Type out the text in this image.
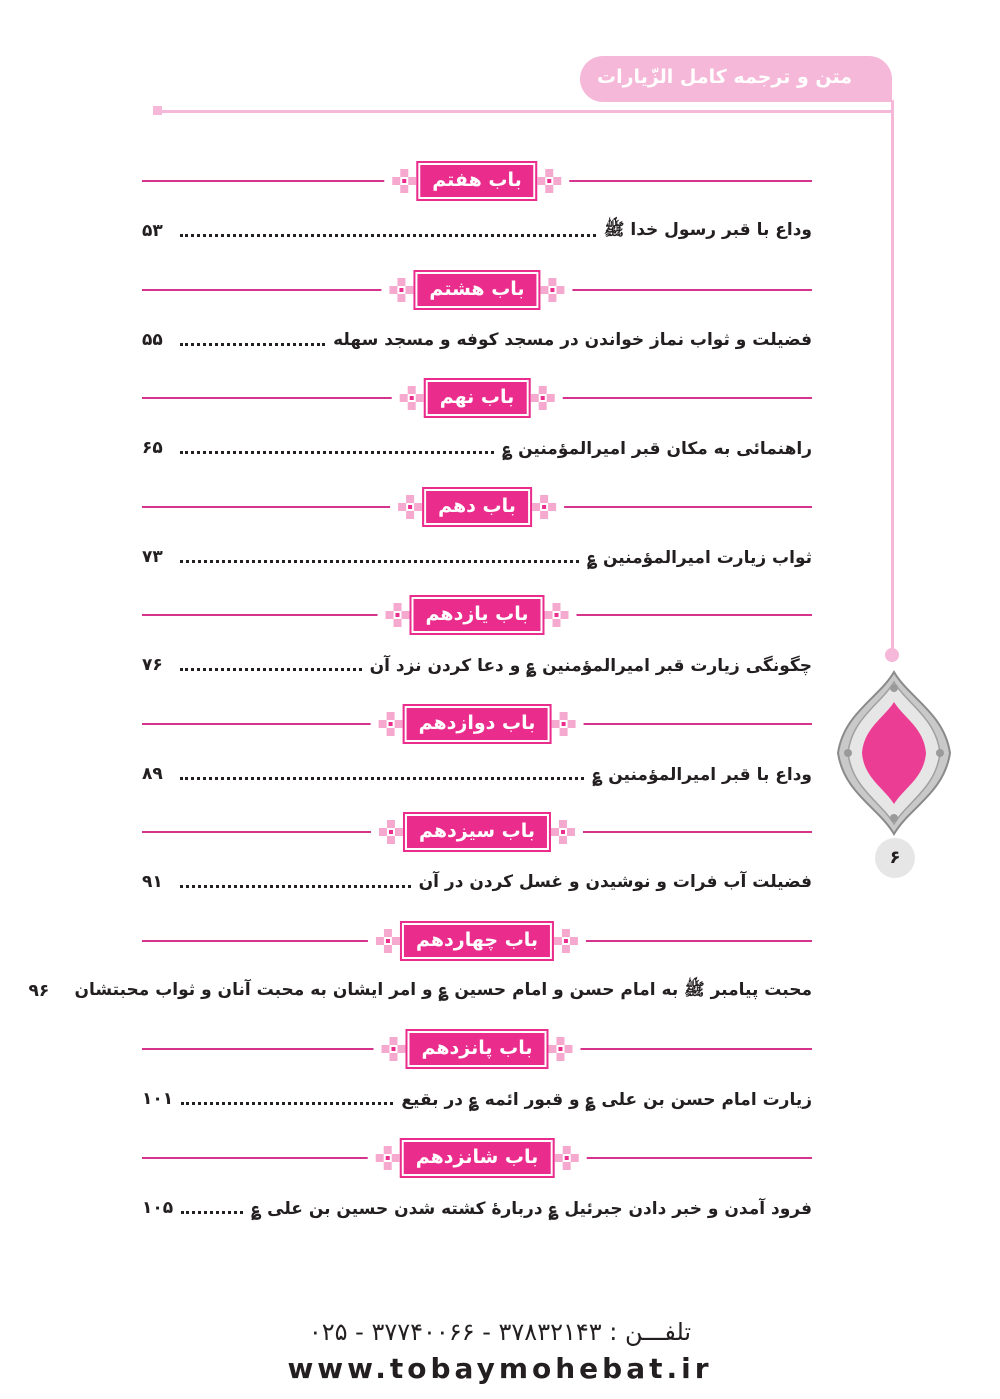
متن و ترجمه کامل الزّیارات
۶
باب هفتم
وداع با قبر رسول خدا ﷺ
۵۳
باب هشتم
فضیلت و ثواب نماز خواندن در مسجد کوفه و مسجد سهله
۵۵
باب نهم
راهنمائی به مکان قبر امیرالمؤمنین ؏
۶۵
باب دهم
ثواب زیارت امیرالمؤمنین ؏
۷۳
باب یازدهم
چگونگی زیارت قبر امیرالمؤمنین ؏ و دعا کردن نزد آن
۷۶
باب دوازدهم
وداع با قبر امیرالمؤمنین ؏
۸۹
باب سیزدهم
فضیلت آب فرات و نوشیدن و غسل کردن در آن
۹۱
باب چهاردهم
محبت پیامبر ﷺ به امام حسن و امام حسین ؏ و امر ایشان به محبت آنان و ثواب محبتشان
۹۶
باب پانزدهم
زیارت امام حسن بن علی ؏ و قبور ائمه ؏ در بقیع
۱۰۱
باب شانزدهم
فرود آمدن و خبر دادن جبرئیل ؏ دربارهٔ کشته شدن حسین بن علی ؏
۱۰۵
تلفـــن : ۳۷۸۳۲۱۴۳ - ۳۷۷۴۰۰۶۶ - ۰۲۵
www.tobaymohebat.ir
